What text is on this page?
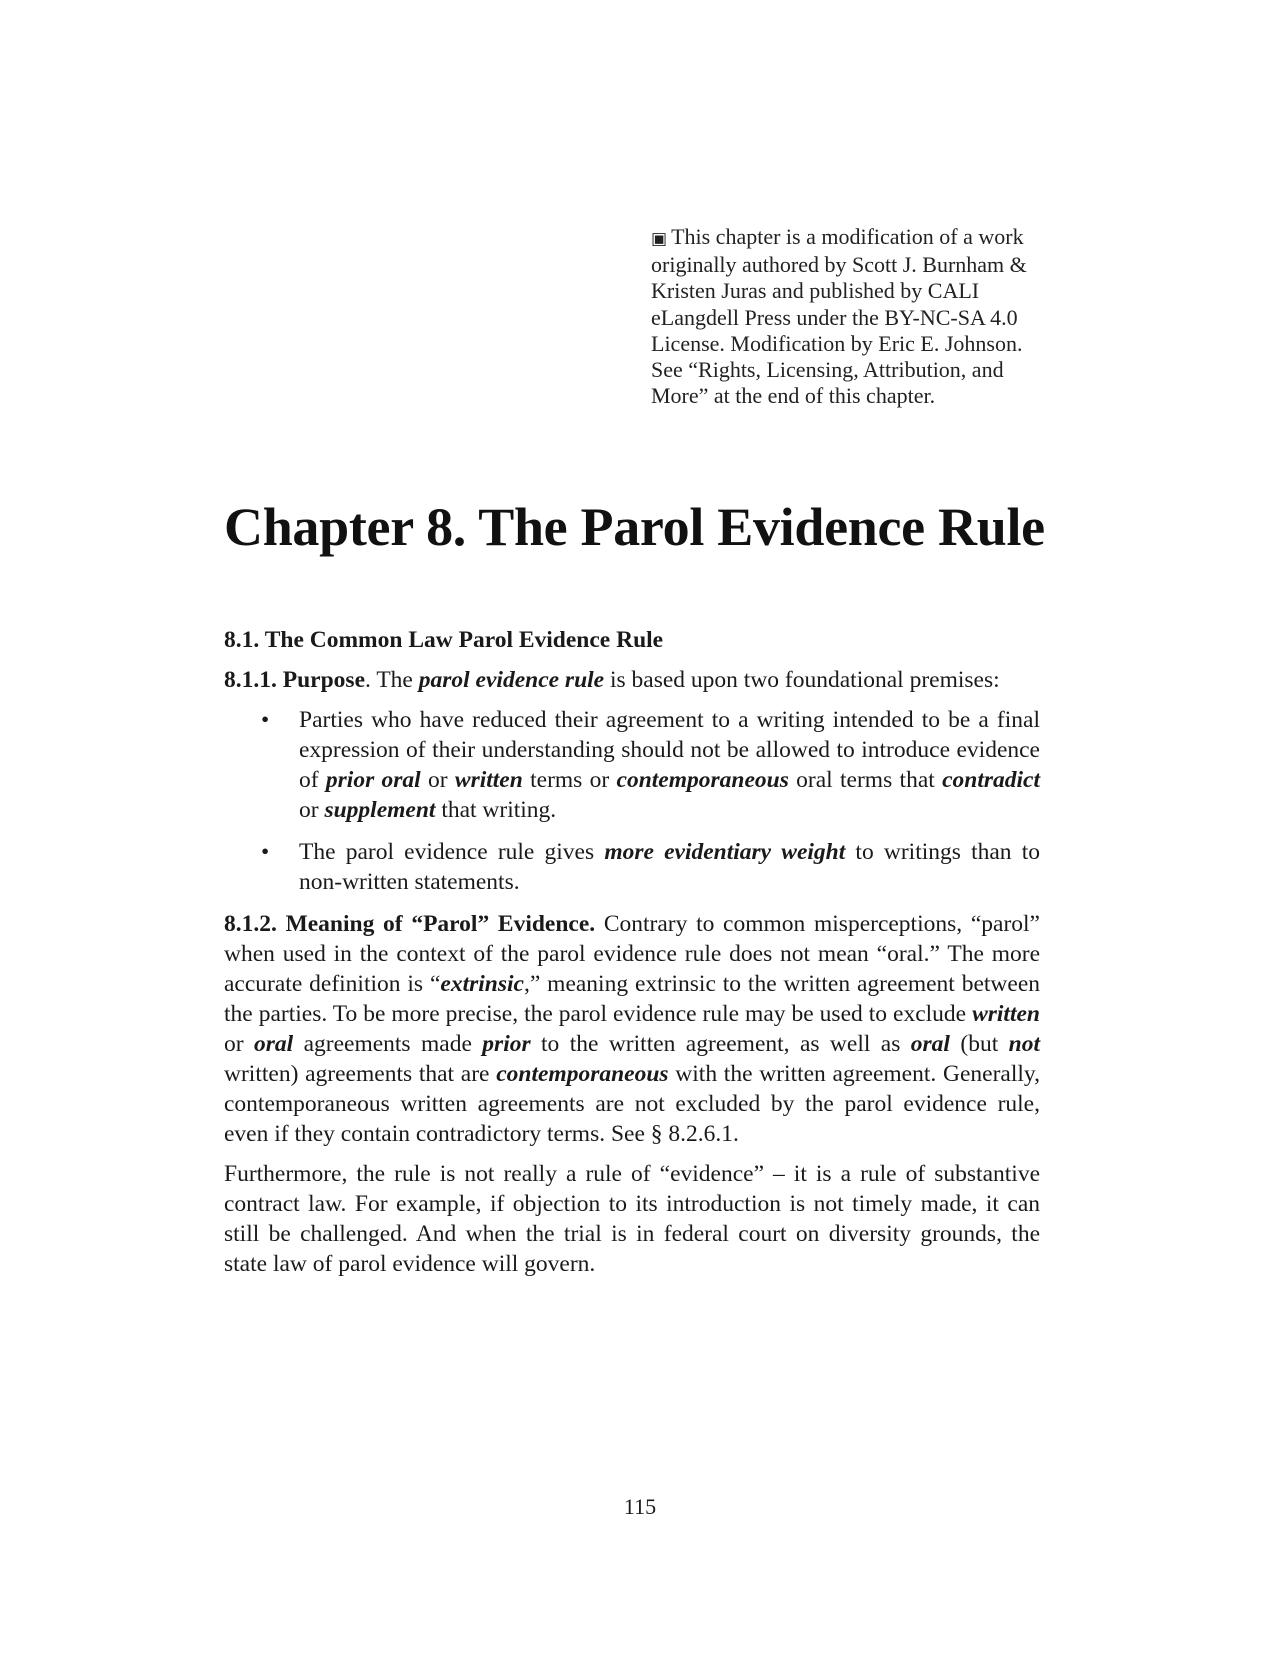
▣ This chapter is a modification of a work originally authored by Scott J. Burnham & Kristen Juras and published by CALI eLangdell Press under the BY-NC-SA 4.0 License. Modification by Eric E. Johnson. See “Rights, Licensing, Attribution, and More” at the end of this chapter.
Chapter 8. The Parol Evidence Rule

8.1. The Common Law Parol Evidence Rule

8.1.1. Purpose. The parol evidence rule is based upon two foundational premises:

• Parties who have reduced their agreement to a writing intended to be a final expression of their understanding should not be allowed to introduce evidence of prior oral or written terms or contemporaneous oral terms that contradict or supplement that writing.
• The parol evidence rule gives more evidentiary weight to writings than to non-written statements.

8.1.2. Meaning of “Parol” Evidence. Contrary to common misperceptions, “parol” when used in the context of the parol evidence rule does not mean “oral.” The more accurate definition is “extrinsic,” meaning extrinsic to the written agreement between the parties. To be more precise, the parol evidence rule may be used to exclude written or oral agreements made prior to the written agreement, as well as oral (but not written) agreements that are contemporaneous with the written agreement. Generally, contemporaneous written agreements are not excluded by the parol evidence rule, even if they contain contradictory terms. See § 8.2.6.1.

Furthermore, the rule is not really a rule of “evidence” – it is a rule of substantive contract law. For example, if objection to its introduction is not timely made, it can still be challenged. And when the trial is in federal court on diversity grounds, the state law of parol evidence will govern.

115
